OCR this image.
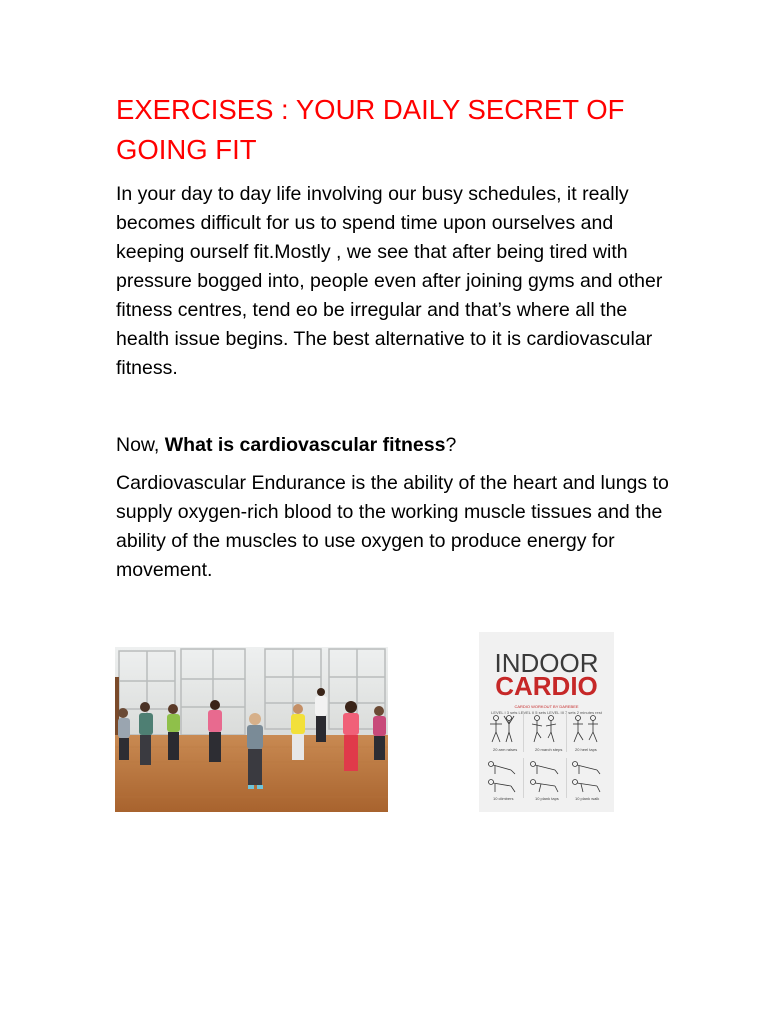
EXERCISES : YOUR DAILY SECRET OF GOING FIT

In your day to day life involving our busy schedules, it really becomes difficult for us to spend time upon ourselves and keeping ourself fit.Mostly , we see that after being tired with pressure bogged into, people even after joining gyms and other fitness centres, tend eo be irregular and that’s where all the health issue begins. The best alternative to it is cardiovascular fitness.

Now, What is cardiovascular fitness?

Cardiovascular Endurance is the ability of the heart and lungs to supply oxygen-rich blood to the working muscle tissues and the ability of the muscles to use oxygen to produce energy for movement.

INDOOR
CARDIO
CARDIO WORKOUT BY DAREBEE
LEVEL I 3 sets LEVEL II 5 sets LEVEL III 7 sets 2 minutes rest
20 arm raises	20 march steps	20 heel taps
10 climbers	10 plank taps	10 plank walk
